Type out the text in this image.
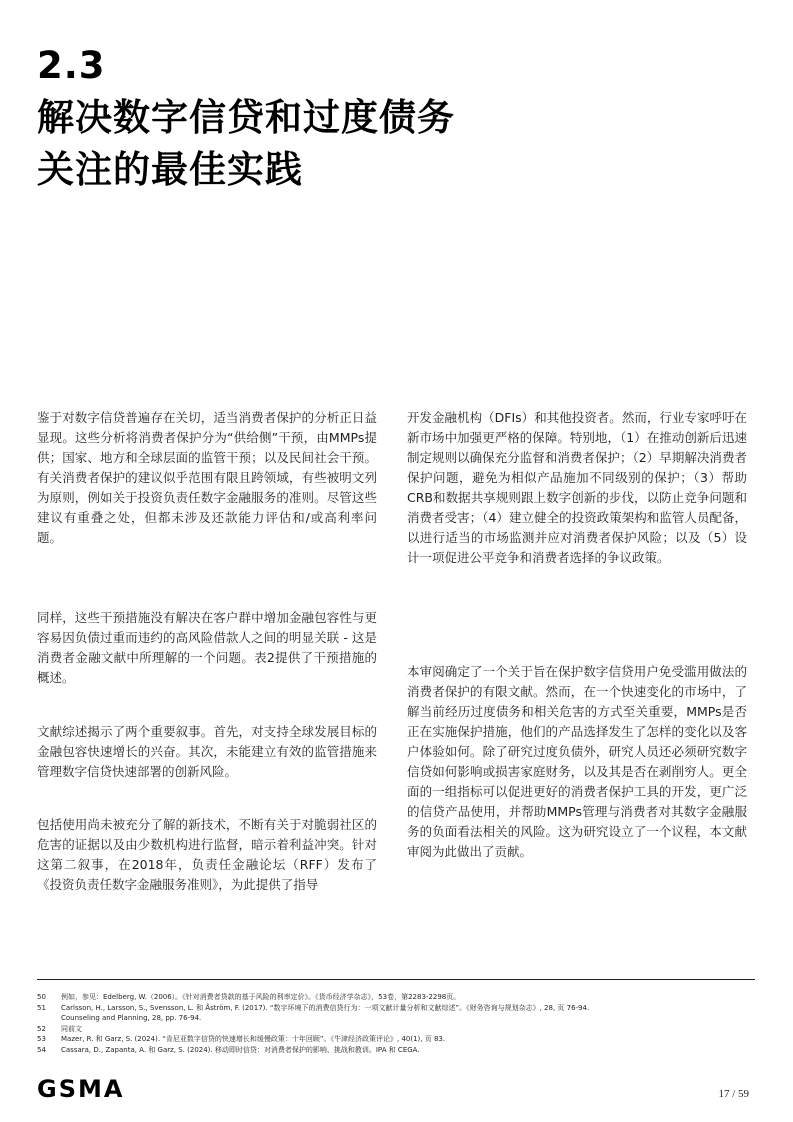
2.3
解决数字信贷和过度债务
关注的最佳实践

鉴于对数字信贷普遍存在关切，适当消费者保护的分析正日益显现。这些分析将消费者保护分为“供给侧”干预，由MMPs提供；国家、地方和全球层面的监管干预；以及民间社会干预。有关消费者保护的建议似乎范围有限且跨领域，有些被明文列为原则，例如关于投资负责任数字金融服务的准则。尽管这些建议有重叠之处，但都未涉及还款能力评估和/或高利率问题。

同样，这些干预措施没有解决在客户群中增加金融包容性与更容易因负债过重而违约的高风险借款人之间的明显关联 - 这是消费者金融文献中所理解的一个问题。表2提供了干预措施的概述。

文献综述揭示了两个重要叙事。首先，对支持全球发展目标的金融包容快速增长的兴奋。其次，未能建立有效的监管措施来管理数字信贷快速部署的创新风险。

包括使用尚未被充分了解的新技术，不断有关于对脆弱社区的危害的证据以及由少数机构进行监督，暗示着利益冲突。针对这第二叙事，在2018年，负责任金融论坛（RFF）发布了《投资负责任数字金融服务准则》，为此提供了指导

开发金融机构（DFIs）和其他投资者。然而，行业专家呼吁在新市场中加强更严格的保障。特别地，（1）在推动创新后迅速制定规则以确保充分监督和消费者保护；（2）早期解决消费者保护问题，避免为相似产品施加不同级别的保护；（3）帮助CRB和数据共享规则跟上数字创新的步伐，以防止竞争问题和消费者受害；（4）建立健全的投资政策架构和监管人员配备，以进行适当的市场监测并应对消费者保护风险；以及（5）设计一项促进公平竞争和消费者选择的争议政策。

本审阅确定了一个关于旨在保护数字信贷用户免受滥用做法的消费者保护的有限文献。然而，在一个快速变化的市场中，了解当前经历过度债务和相关危害的方式至关重要，MMPs是否正在实施保护措施，他们的产品选择发生了怎样的变化以及客户体验如何。除了研究过度负债外，研究人员还必须研究数字信贷如何影响或损害家庭财务，以及其是否在剥削穷人。更全面的一组指标可以促进更好的消费者保护工具的开发，更广泛的信贷产品使用，并帮助MMPs管理与消费者对其数字金融服务的负面看法相关的风险。这为研究设立了一个议程，本文献审阅为此做出了贡献。

50	例如，参见：Edelberg, W.（2006）。《针对消费者贷款的基于风险的利率定价》。《货币经济学杂志》，53卷，第2283-2298页。
51	Carlsson, H., Larsson, S., Svensson, L. 和 Åström, F. (2017). “数字环境下的消费信贷行为：一项文献计量分析和文献综述”。《财务咨询与规划杂志》, 28, 页 76-94.
Counseling and Planning, 28, pp. 76-94.
52	同前文
53	Mazer, R. 和 Garz, S. (2024). “肯尼亚数字信贷的快速增长和缓慢政策：十年回顾”。《牛津经济政策评论》, 40(1), 页 83.
54	Cassara, D., Zapanta, A. 和 Garz, S. (2024). 移动即时信贷：对消费者保护的影响、挑战和教训。IPA 和 CEGA.
GSMA	17 / 59
